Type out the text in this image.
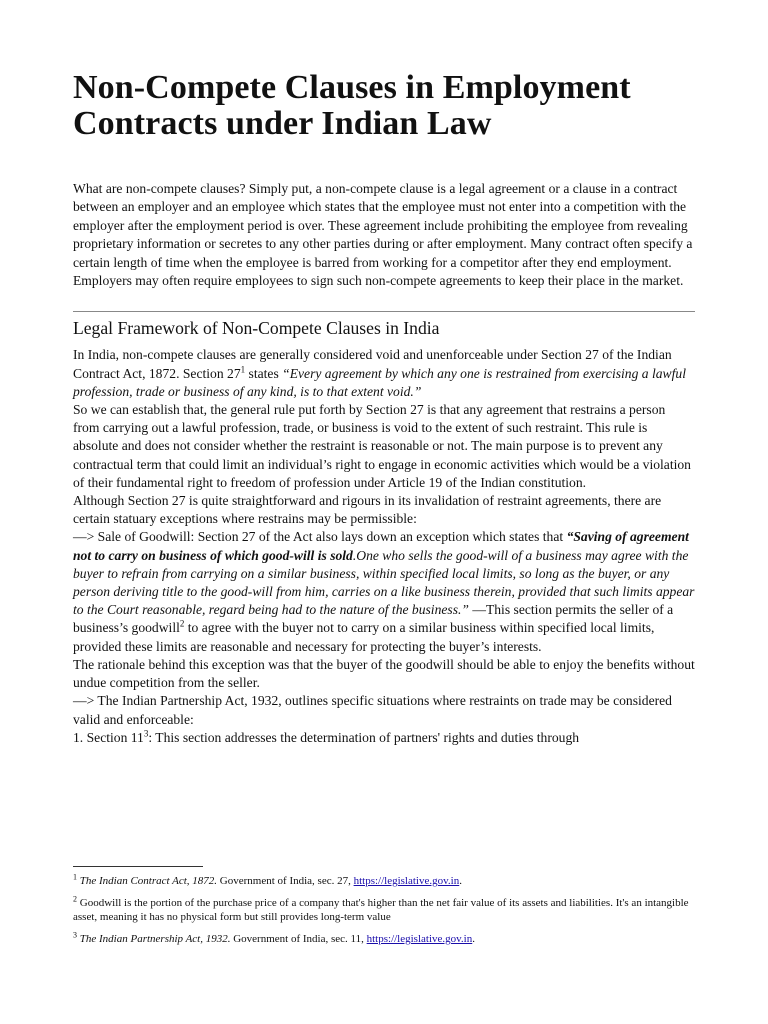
Non-Compete Clauses in Employment Contracts under Indian Law

What are non-compete clauses? Simply put, a non-compete clause is a legal agreement or a clause in a contract between an employer and an employee which states that the employee must not enter into a competition with the employer after the employment period is over. These agreement include prohibiting the employee from revealing proprietary information or secretes to any other parties during or after employment. Many contract often specify a certain length of time when the employee is barred from working for a competitor after they end employment. Employers may often require employees to sign such non-compete agreements to keep their place in the market.

Legal Framework of Non-Compete Clauses in India

In India, non-compete clauses are generally considered void and unenforceable under Section 27 of the Indian Contract Act, 1872. Section $27^1$ states “Every agreement by which any one is restrained from exercising a lawful profession, trade or business of any kind, is to that extent void.”

So we can establish that, the general rule put forth by Section 27 is that any agreement that restrains a person from carrying out a lawful profession, trade, or business is void to the extent of such restraint. This rule is absolute and does not consider whether the restraint is reasonable or not. The main purpose is to prevent any contractual term that could limit an individual’s right to engage in economic activities which would be a violation of their fundamental right to freedom of profession under Article 19 of the Indian constitution.

Although Section 27 is quite straightforward and rigours in its invalidation of restraint agreements, there are certain statuary exceptions where restrains may be permissible:

—> Sale of Goodwill: Section 27 of the Act also lays down an exception which states that “Saving of agreement not to carry on business of which good-will is sold.One who sells the good-will of a business may agree with the buyer to refrain from carrying on a similar business, within specified local limits, so long as the buyer, or any person deriving title to the good-will from him, carries on a like business therein, provided that such limits appear to the Court reasonable, regard being had to the nature of the business.” —This section permits the seller of a business’s goodwill$^2$ to agree with the buyer not to carry on a similar business within specified local limits, provided these limits are reasonable and necessary for protecting the buyer’s interests.

The rationale behind this exception was that the buyer of the goodwill should be able to enjoy the benefits without undue competition from the seller.

—> The Indian Partnership Act, 1932, outlines specific situations where restraints on trade may be considered valid and enforceable:

1. Section $11^3$: This section addresses the determination of partners' rights and duties through

$^1$ The Indian Contract Act, 1872. Government of India, sec. 27, https://legislative.gov.in.

$^2$ Goodwill is the portion of the purchase price of a company that's higher than the net fair value of its assets and liabilities. It's an intangible asset, meaning it has no physical form but still provides long-term value

$^3$ The Indian Partnership Act, 1932. Government of India, sec. 11, https://legislative.gov.in.
